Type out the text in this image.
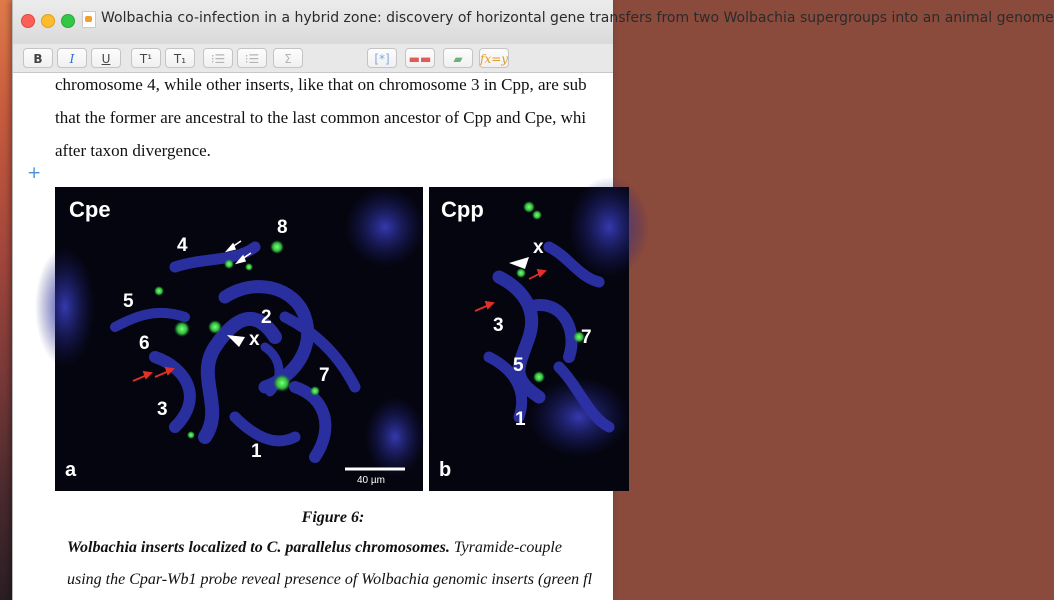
Wolbachia co-infection in a hybrid zone: discovery of horizontal gene transfers from two Wolbachia supergroups into an animal genome
B	I	U	T¹	T₁	⁝☰	⁝☰	Σ	[*]	▬▬	▰	fx=y
chromosome 4, while other inserts, like that on chromosome 3 in Cpp, are sub
that the former are ancestral to the last common ancestor of Cpp and Cpe, whi
after taxon divergence.
+
Cpe
4
8
5
2
x
6
7
3
1
a	40 µm
Cpp
x
3
7
5
1
b
Figure 6:
Wolbachia inserts localized to C. parallelus chromosomes. Tyramide-couple
using the Cpar-Wb1 probe reveal presence of Wolbachia genomic inserts (green fl
